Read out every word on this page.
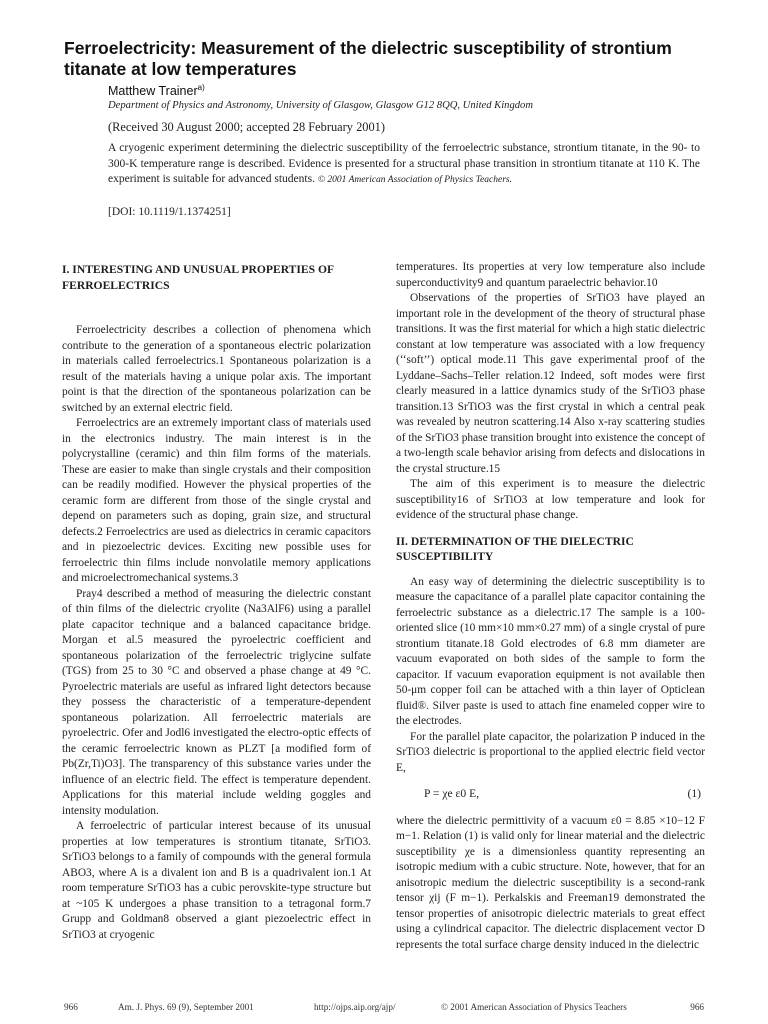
Ferroelectricity: Measurement of the dielectric susceptibility of strontium titanate at low temperatures
Matthew Trainer$^{a)}$
Department of Physics and Astronomy, University of Glasgow, Glasgow G12 8QQ, United Kingdom
(Received 30 August 2000; accepted 28 February 2001)
A cryogenic experiment determining the dielectric susceptibility of the ferroelectric substance, strontium titanate, in the 90- to 300-K temperature range is described. Evidence is presented for a structural phase transition in strontium titanate at 110 K. The experiment is suitable for advanced students. © 2001 American Association of Physics Teachers.
[DOI: 10.1119/1.1374251]
I. INTERESTING AND UNUSUAL PROPERTIES OF FERROELECTRICS

Ferroelectricity describes a collection of phenomena which contribute to the generation of a spontaneous electric polarization in materials called ferroelectrics.1 Spontaneous polarization is a result of the materials having a unique polar axis. The important point is that the direction of the spontaneous polarization can be switched by an external electric field.

Ferroelectrics are an extremely important class of materials used in the electronics industry. The main interest is in the polycrystalline (ceramic) and thin film forms of the materials. These are easier to make than single crystals and their composition can be readily modified. However the physical properties of the ceramic form are different from those of the single crystal and depend on parameters such as doping, grain size, and structural defects.2 Ferroelectrics are used as dielectrics in ceramic capacitors and in piezoelectric devices. Exciting new possible uses for ferroelectric thin films include nonvolatile memory applications and microelectromechanical systems.3

Pray4 described a method of measuring the dielectric constant of thin films of the dielectric cryolite (Na3AlF6) using a parallel plate capacitor technique and a balanced capacitance bridge. Morgan et al.5 measured the pyroelectric coefficient and spontaneous polarization of the ferroelectric triglycine sulfate (TGS) from 25 to 30 °C and observed a phase change at 49 °C. Pyroelectric materials are useful as infrared light detectors because they possess the characteristic of a temperature-dependent spontaneous polarization. All ferroelectric materials are pyroelectric. Ofer and Jodl6 investigated the electro-optic effects of the ceramic ferroelectric known as PLZT [a modified form of Pb(Zr,Ti)O3]. The transparency of this substance varies under the influence of an electric field. The effect is temperature dependent. Applications for this material include welding goggles and intensity modulation.

A ferroelectric of particular interest because of its unusual properties at low temperatures is strontium titanate, SrTiO3. SrTiO3 belongs to a family of compounds with the general formula ABO3, where A is a divalent ion and B is a quadrivalent ion.1 At room temperature SrTiO3 has a cubic perovskite-type structure but at ~105 K undergoes a phase transition to a tetragonal form.7 Grupp and Goldman8 observed a giant piezoelectric effect in SrTiO3 at cryogenic

temperatures. Its properties at very low temperature also include superconductivity9 and quantum paraelectric behavior.10

Observations of the properties of SrTiO3 have played an important role in the development of the theory of structural phase transitions. It was the first material for which a high static dielectric constant at low temperature was associated with a low frequency (‘‘soft’’) optical mode.11 This gave experimental proof of the Lyddane–Sachs–Teller relation.12 Indeed, soft modes were first clearly measured in a lattice dynamics study of the SrTiO3 phase transition.13 SrTiO3 was the first crystal in which a central peak was revealed by neutron scattering.14 Also x-ray scattering studies of the SrTiO3 phase transition brought into existence the concept of a two-length scale behavior arising from defects and dislocations in the crystal structure.15

The aim of this experiment is to measure the dielectric susceptibility16 of SrTiO3 at low temperature and look for evidence of the structural phase change.

II. DETERMINATION OF THE DIELECTRIC SUSCEPTIBILITY

An easy way of determining the dielectric susceptibility is to measure the capacitance of a parallel plate capacitor containing the ferroelectric substance as a dielectric.17 The sample is a 100-oriented slice (10 mm×10 mm×0.27 mm) of a single crystal of pure strontium titanate.18 Gold electrodes of 6.8 mm diameter are vacuum evaporated on both sides of the sample to form the capacitor. If vacuum evaporation equipment is not available then 50-μm copper foil can be attached with a thin layer of Opticlean fluid®. Silver paste is used to attach fine enameled copper wire to the electrodes.

For the parallel plate capacitor, the polarization P induced in the SrTiO3 dielectric is proportional to the applied electric field vector E,

P = χe ε0 E,	(1)

where the dielectric permittivity of a vacuum ε0 = 8.85 ×10−12 F m−1. Relation (1) is valid only for linear material and the dielectric susceptibility χe is a dimensionless quantity representing an isotropic medium with a cubic structure. Note, however, that for an anisotropic medium the dielectric susceptibility is a second-rank tensor χij (F m−1). Perkalskis and Freeman19 demonstrated the tensor properties of anisotropic dielectric materials to great effect using a cylindrical capacitor. The dielectric displacement vector D represents the total surface charge density induced in the dielectric

966	Am. J. Phys. 69 (9), September 2001	http://ojps.aip.org/ajp/	© 2001 American Association of Physics Teachers	966
